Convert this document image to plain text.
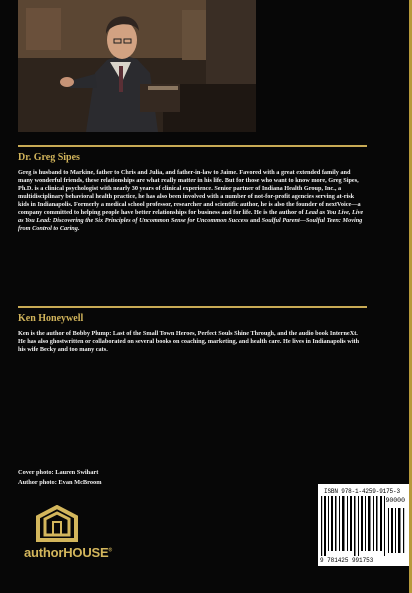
Dr. Greg Sipes
Greg is husband to Markine, father to Chris and Julia, and father-in-law to Jaime. Favored with a great extended family and many wonderful friends, these relationships are what really matter in his life. But for those who want to know more, Greg Sipes, Ph.D. is a clinical psychologist with nearly 30 years of clinical experience. Senior partner of Indiana Health Group, Inc., a multidisciplinary behavioral health practice, he has also been involved with a number of not-for-profit agencies serving at-risk kids in Indianapolis. Formerly a medical school professor, researcher and scientific author, he is also the founder of nextVoice—a company committed to helping people have better relationships for business and for life. He is the author of Lead as You Live, Live as You Lead: Discovering the Six Principles of Uncommon Sense for Uncommon Success and Soulful Parent—Soulful Teen: Moving from Control to Caring.
Ken Honeywell
Ken is the author of Bobby Plump: Last of the Small Town Heroes, Perfect Souls Shine Through, and the audio book InterneXt. He has also ghostwritten or collaborated on several books on coaching, marketing, and health care. He lives in Indianapolis with his wife Becky and too many cats.
Cover photo: Lauren Swihart
Author photo: Evan McBroom
authorHOUSE®
ISBN 978-1-4259-9175-3
90000
9 781425 991753
